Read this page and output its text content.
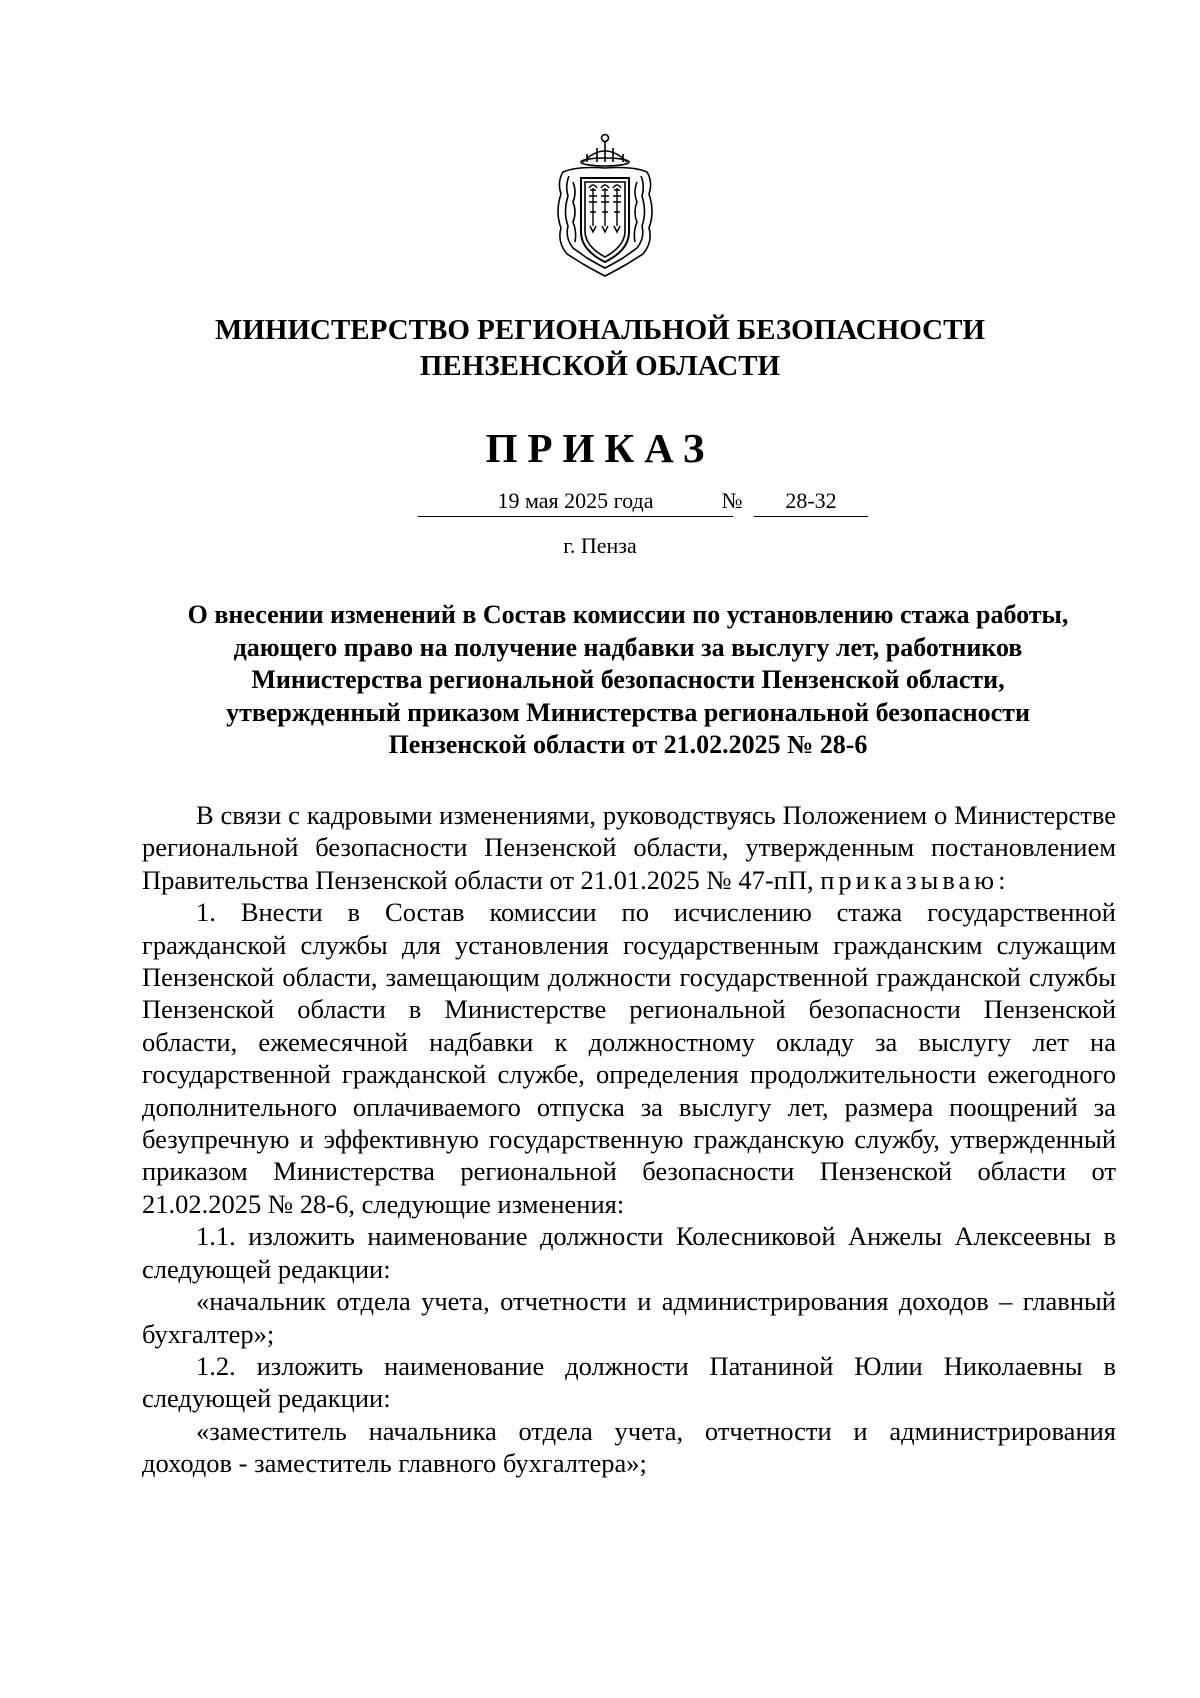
МИНИСТЕРСТВО РЕГИОНАЛЬНОЙ БЕЗОПАСНОСТИ
ПЕНЗЕНСКОЙ ОБЛАСТИ
ПРИКАЗ
19 мая 2025 года	№	28-32
г. Пенза
О внесении изменений в Состав комиссии по установлению стажа работы,
дающего право на получение надбавки за выслугу лет, работников
Министерства региональной безопасности Пензенской области,
утвержденный приказом Министерства региональной безопасности
Пензенской области от 21.02.2025 № 28-6

В связи с кадровыми изменениями, руководствуясь Положением о Министерстве региональной безопасности Пензенской области, утвержденным постановлением Правительства Пензенской области от 21.01.2025 № 47-пП, приказываю:

1. Внести в Состав комиссии по исчислению стажа государственной гражданской службы для установления государственным гражданским служащим Пензенской области, замещающим должности государственной гражданской службы Пензенской области в Министерстве региональной безопасности Пензенской области, ежемесячной надбавки к должностному окладу за выслугу лет на государственной гражданской службе, определения продолжительности ежегодного дополнительного оплачиваемого отпуска за выслугу лет, размера поощрений за безупречную и эффективную государственную гражданскую службу, утвержденный приказом Министерства региональной безопасности Пензенской области от 21.02.2025 № 28-6, следующие изменения:

1.1. изложить наименование должности Колесниковой Анжелы Алексеевны в следующей редакции:

«начальник отдела учета, отчетности и администрирования доходов – главный бухгалтер»;

1.2. изложить наименование должности Патаниной Юлии Николаевны в следующей редакции:

«заместитель начальника отдела учета, отчетности и администрирования доходов - заместитель главного бухгалтера»;
